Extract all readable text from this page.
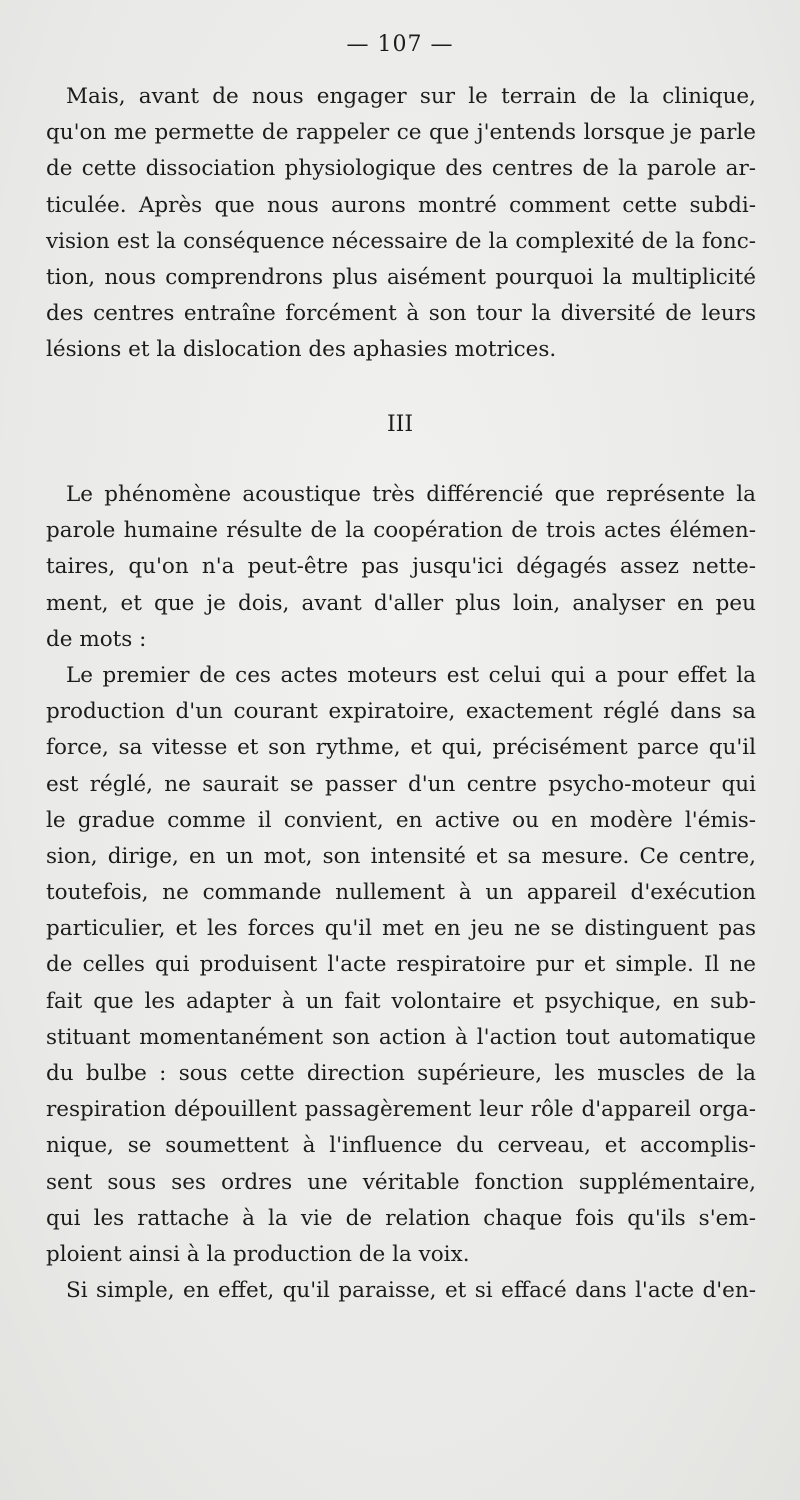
— 107 —
Mais, avant de nous engager sur le terrain de la clinique,
qu'on me permette de rappeler ce que j'entends lorsque je parle
de cette dissociation physiologique des centres de la parole ar-
ticulée. Après que nous aurons montré comment cette subdi-
vision est la conséquence nécessaire de la complexité de la fonc-
tion, nous comprendrons plus aisément pourquoi la multiplicité
des centres entraîne forcément à son tour la diversité de leurs
lésions et la dislocation des aphasies motrices.
III
Le phénomène acoustique très différencié que représente la
parole humaine résulte de la coopération de trois actes élémen-
taires, qu'on n'a peut-être pas jusqu'ici dégagés assez nette-
ment, et que je dois, avant d'aller plus loin, analyser en peu
de mots :
Le premier de ces actes moteurs est celui qui a pour effet la
production d'un courant expiratoire, exactement réglé dans sa
force, sa vitesse et son rythme, et qui, précisément parce qu'il
est réglé, ne saurait se passer d'un centre psycho-moteur qui
le gradue comme il convient, en active ou en modère l'émis-
sion, dirige, en un mot, son intensité et sa mesure. Ce centre,
toutefois, ne commande nullement à un appareil d'exécution
particulier, et les forces qu'il met en jeu ne se distinguent pas
de celles qui produisent l'acte respiratoire pur et simple. Il ne
fait que les adapter à un fait volontaire et psychique, en sub-
stituant momentanément son action à l'action tout automatique
du bulbe : sous cette direction supérieure, les muscles de la
respiration dépouillent passagèrement leur rôle d'appareil orga-
nique, se soumettent à l'influence du cerveau, et accomplis-
sent sous ses ordres une véritable fonction supplémentaire,
qui les rattache à la vie de relation chaque fois qu'ils s'em-
ploient ainsi à la production de la voix.
Si simple, en effet, qu'il paraisse, et si effacé dans l'acte d'en-
